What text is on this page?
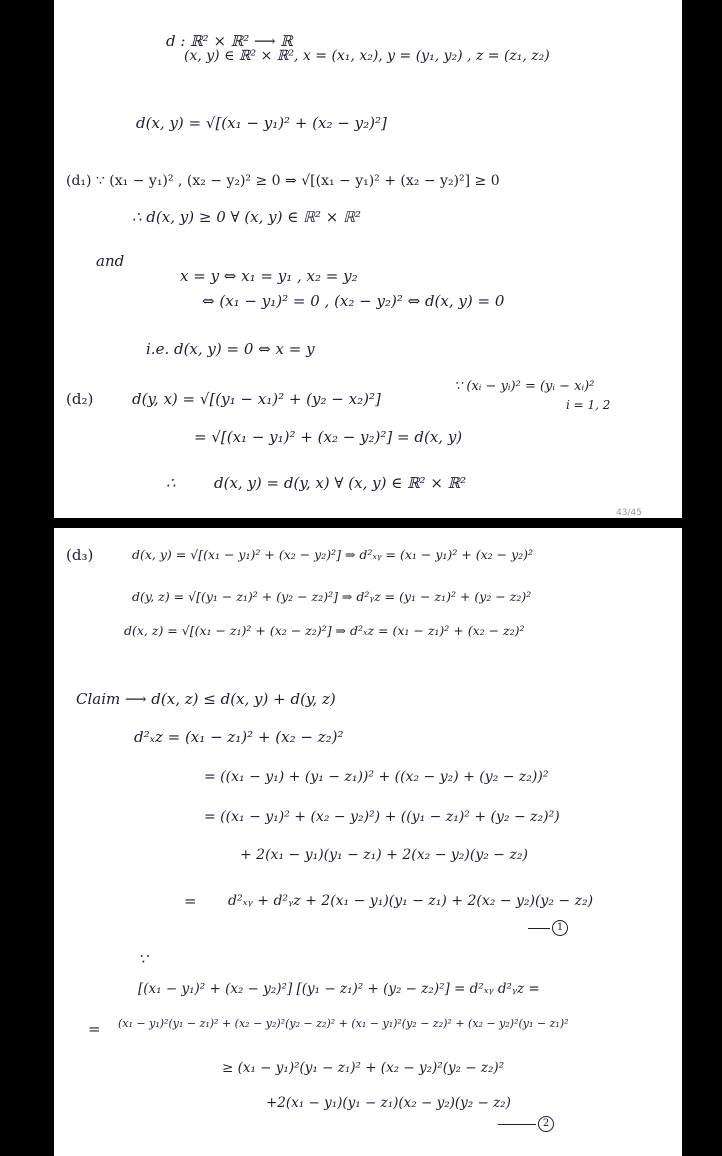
d : ℝ² × ℝ² ⟶ ℝ
(x, y) ∈ ℝ² × ℝ², x = (x₁, x₂), y = (y₁, y₂) , z = (z₁, z₂)
d(x, y) = √[(x₁ − y₁)² + (x₂ − y₂)²]
(d₁) ∵ (x₁ − y₁)² , (x₂ − y₂)² ≥ 0 ⇒ √[(x₁ − y₁)² + (x₂ − y₂)²] ≥ 0
∴ d(x, y) ≥ 0 ∀ (x, y) ∈ ℝ² × ℝ²
and
x = y ⇔ x₁ = y₁ , x₂ = y₂
⇔ (x₁ − y₁)² = 0 , (x₂ − y₂)² ⇔ d(x, y) = 0
i.e. d(x, y) = 0 ⇔ x = y
(d₂)	d(y, x) = √[(y₁ − x₁)² + (y₂ − x₂)²]
∵ (xᵢ − yᵢ)² = (yᵢ − xᵢ)²
i = 1, 2
= √[(x₁ − y₁)² + (x₂ − y₂)²] = d(x, y)
∴	d(x, y) = d(y, x) ∀ (x, y) ∈ ℝ² × ℝ²
43/45
(d₃)	d(x, y) = √[(x₁ − y₁)² + (x₂ − y₂)²] ⇒ d²ₓᵧ = (x₁ − y₁)² + (x₂ − y₂)²
d(y, z) = √[(y₁ − z₁)² + (y₂ − z₂)²] ⇒ d²ᵧz = (y₁ − z₁)² + (y₂ − z₂)²
d(x, z) = √[(x₁ − z₁)² + (x₂ − z₂)²] ⇒ d²ₓz = (x₁ − z₁)² + (x₂ − z₂)²
Claim ⟶ d(x, z) ≤ d(x, y) + d(y, z)
d²ₓz = (x₁ − z₁)² + (x₂ − z₂)²
= ((x₁ − y₁) + (y₁ − z₁))² + ((x₂ − y₂) + (y₂ − z₂))²
= ((x₁ − y₁)² + (x₂ − y₂)²) + ((y₁ − z₁)² + (y₂ − z₂)²)
+ 2(x₁ − y₁)(y₁ − z₁) + 2(x₂ − y₂)(y₂ − z₂)
= d²ₓᵧ + d²ᵧz + 2(x₁ − y₁)(y₁ − z₁) + 2(x₂ − y₂)(y₂ − z₂)
1
∵
[(x₁ − y₁)² + (x₂ − y₂)²] [(y₁ − z₁)² + (y₂ − z₂)²] = d²ₓᵧ d²ᵧz =
= (x₁ − y₁)²(y₁ − z₁)² + (x₂ − y₂)²(y₂ − z₂)² + (x₁ − y₁)²(y₂ − z₂)² + (x₂ − y₂)²(y₁ − z₁)²
≥ (x₁ − y₁)²(y₁ − z₁)² + (x₂ − y₂)²(y₂ − z₂)²
+2(x₁ − y₁)(y₁ − z₁)(x₂ − y₂)(y₂ − z₂)
2
